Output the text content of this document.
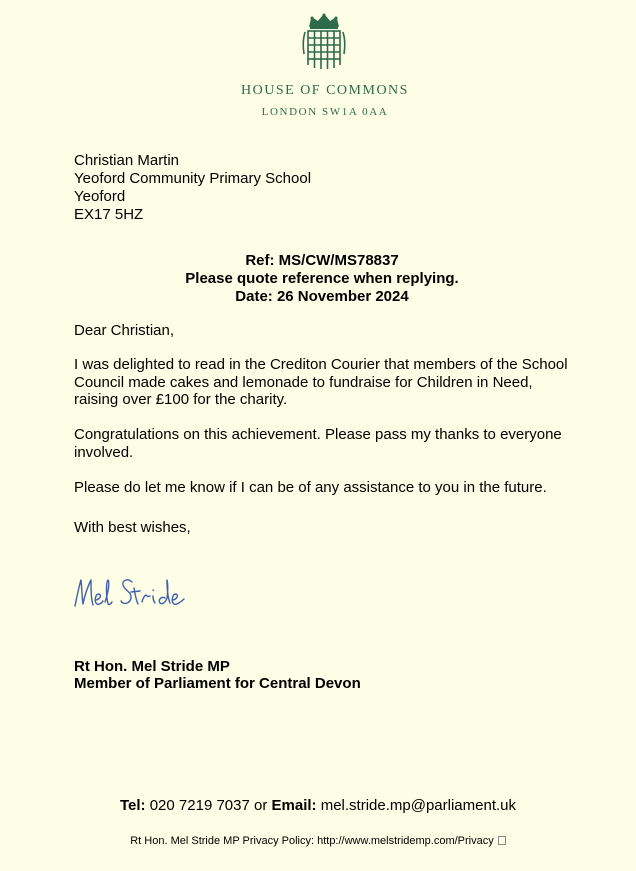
HOUSE OF COMMONS
LONDON SW1A 0AA
Christian Martin
Yeoford Community Primary School
Yeoford
EX17 5HZ
Ref: MS/CW/MS78837
Please quote reference when replying.
Date: 26 November 2024
Dear Christian,
I was delighted to read in the Crediton Courier that members of the School Council made cakes and lemonade to fundraise for Children in Need, raising over £100 for the charity.
Congratulations on this achievement. Please pass my thanks to everyone involved.
Please do let me know if I can be of any assistance to you in the future.
With best wishes,
Rt Hon. Mel Stride MP
Member of Parliament for Central Devon
Tel: 020 7219 7037 or Email: mel.stride.mp@parliament.uk
Rt Hon. Mel Stride MP Privacy Policy: http://www.melstridemp.com/Privacy
